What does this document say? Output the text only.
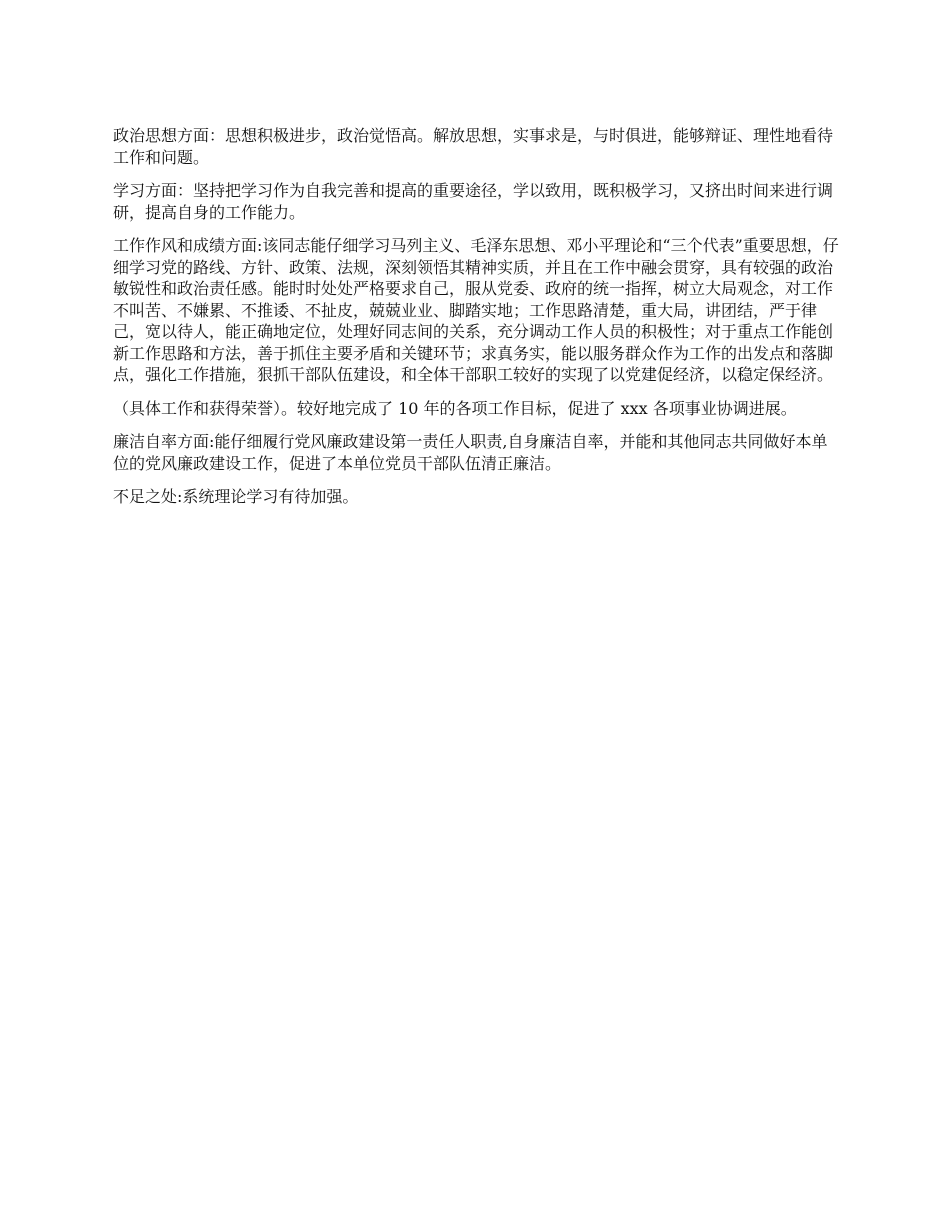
政治思想方面：思想积极进步，政治觉悟高。解放思想，实事求是，与时俱进，能够辩证、理性地看待工作和问题。

学习方面：坚持把学习作为自我完善和提高的重要途径，学以致用，既积极学习，又挤出时间来进行调研，提高自身的工作能力。

工作作风和成绩方面:该同志能仔细学习马列主义、毛泽东思想、邓小平理论和“三个代表”重要思想，仔细学习党的路线、方针、政策、法规，深刻领悟其精神实质，并且在工作中融会贯穿，具有较强的政治敏锐性和政治责任感。能时时处处严格要求自己，服从党委、政府的统一指挥，树立大局观念，对工作不叫苦、不嫌累、不推诿、不扯皮，兢兢业业、脚踏实地；工作思路清楚，重大局，讲团结，严于律己，宽以待人，能正确地定位，处理好同志间的关系，充分调动工作人员的积极性；对于重点工作能创新工作思路和方法，善于抓住主要矛盾和关键环节；求真务实，能以服务群众作为工作的出发点和落脚点，强化工作措施，狠抓干部队伍建设，和全体干部职工较好的实现了以党建促经济，以稳定保经济。

（具体工作和获得荣誉）。较好地完成了 10 年的各项工作目标，促进了 xxx 各项事业协调进展。

廉洁自率方面:能仔细履行党风廉政建设第一责任人职责,自身廉洁自率，并能和其他同志共同做好本单位的党风廉政建设工作，促进了本单位党员干部队伍清正廉洁。

不足之处:系统理论学习有待加强。
